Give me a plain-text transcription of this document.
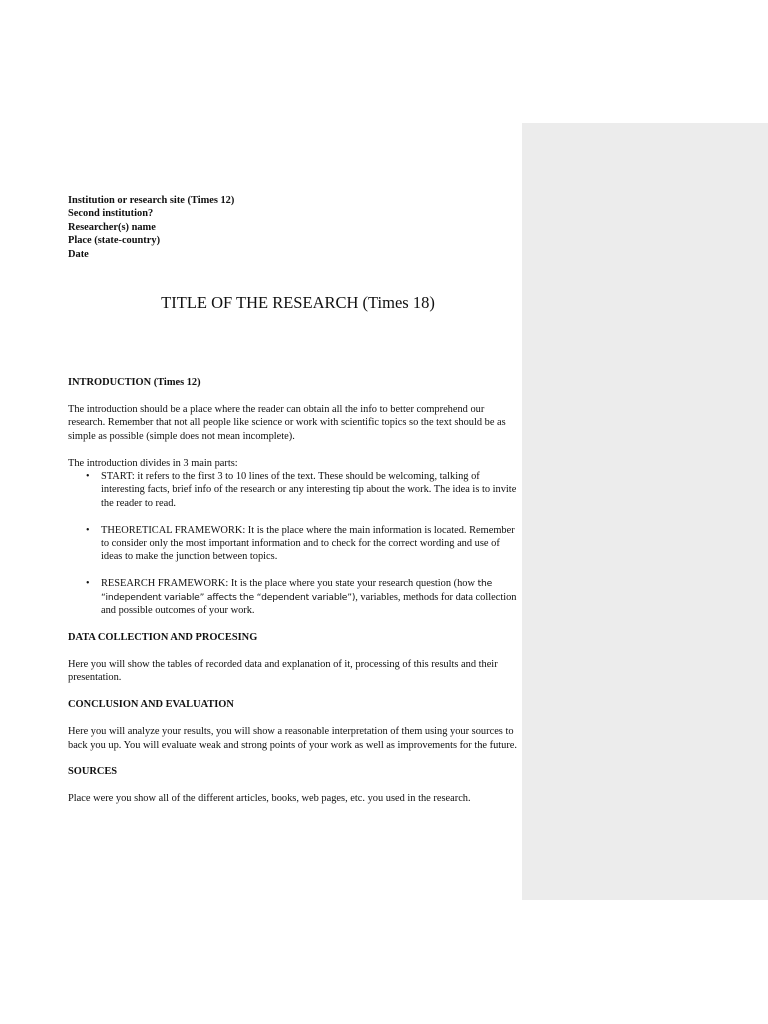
Institution or research site (Times 12)
Second institution?
Researcher(s) name
Place (state-country)
Date
TITLE OF THE RESEARCH (Times 18)
INTRODUCTION (Times 12)

The introduction should be a place where the reader can obtain all the info to better comprehend our research. Remember that not all people like science or work with scientific topics so the text should be as simple as possible (simple does not mean incomplete).

The introduction divides in 3 main parts:

• START: it refers to the first 3 to 10 lines of the text. These should be welcoming, talking of interesting facts, brief info of the research or any interesting tip about the work. The idea is to invite the reader to read.
• THEORETICAL FRAMEWORK: It is the place where the main information is located. Remember to consider only the most important information and to check for the correct wording and use of ideas to make the junction between topics.
• RESEARCH FRAMEWORK: It is the place where you state your research question (how the “independent variable” affects the “dependent variable”), variables, methods for data collection and possible outcomes of your work.
DATA COLLECTION AND PROCESING

Here you will show the tables of recorded data and explanation of it, processing of this results and their presentation.

CONCLUSION AND EVALUATION

Here you will analyze your results, you will show a reasonable interpretation of them using your sources to back you up. You will evaluate weak and strong points of your work as well as improvements for the future.

SOURCES

Place were you show all of the different articles, books, web pages, etc. you used in the research.
